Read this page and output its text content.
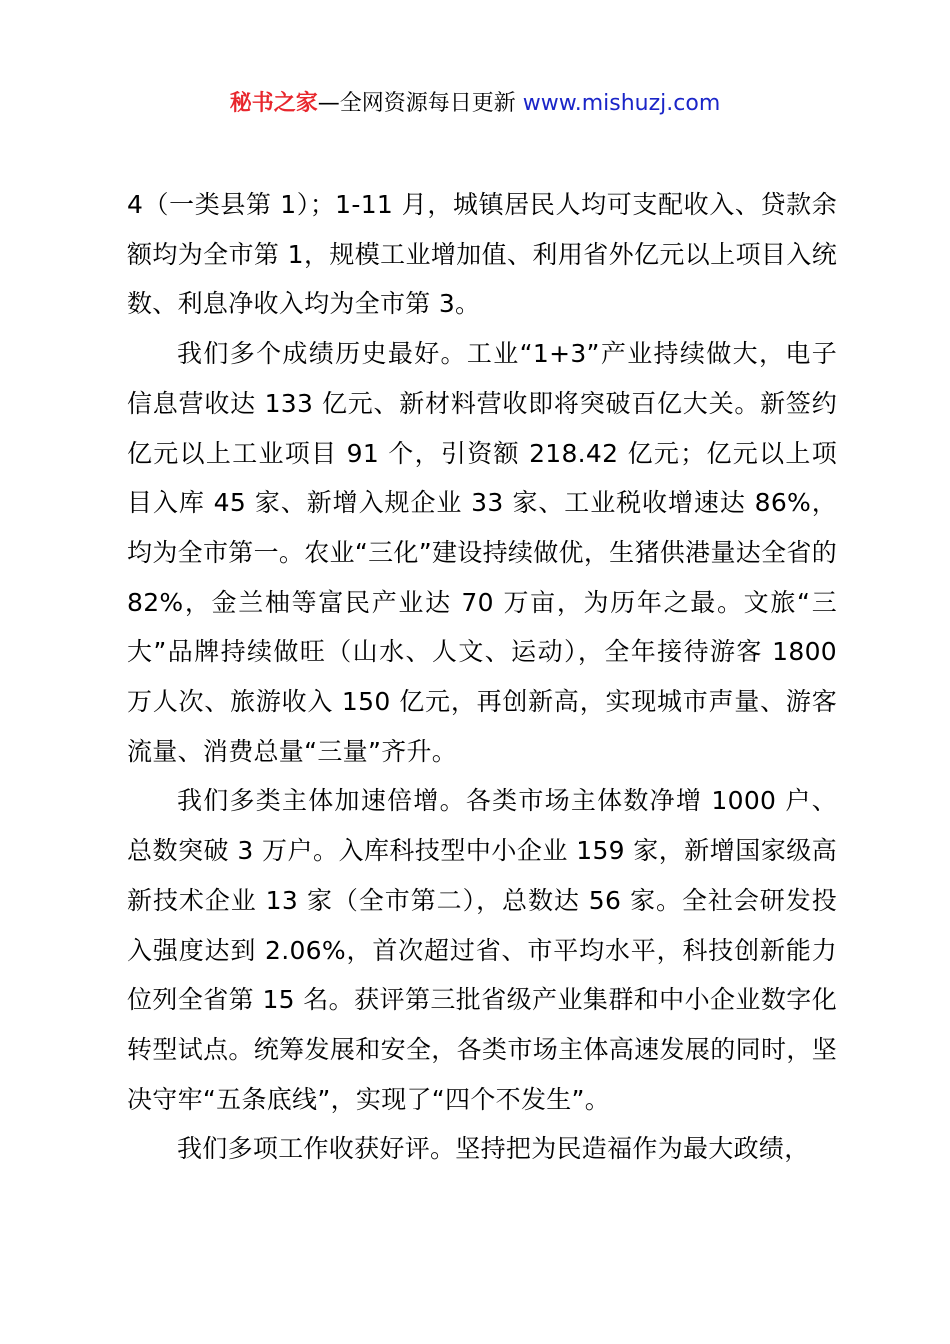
秘书之家—全网资源每日更新 www.mishuzj.com

4（一类县第 1）；1-11 月，城镇居民人均可支配收入、贷款余额均为全市第 1，规模工业增加值、利用省外亿元以上项目入统数、利息净收入均为全市第 3。

我们多个成绩历史最好。工业“1+3”产业持续做大，电子信息营收达 133 亿元、新材料营收即将突破百亿大关。新签约亿元以上工业项目 91 个，引资额 218.42 亿元；亿元以上项目入库 45 家、新增入规企业 33 家、工业税收增速达 86%，均为全市第一。农业“三化”建设持续做优，生猪供港量达全省的 82%，金兰柚等富民产业达 70 万亩，为历年之最。文旅“三大”品牌持续做旺（山水、人文、运动），全年接待游客 1800 万人次、旅游收入 150 亿元，再创新高，实现城市声量、游客流量、消费总量“三量”齐升。

我们多类主体加速倍增。各类市场主体数净增 1000 户、总数突破 3 万户。入库科技型中小企业 159 家，新增国家级高新技术企业 13 家（全市第二），总数达 56 家。全社会研发投入强度达到 2.06%，首次超过省、市平均水平，科技创新能力位列全省第 15 名。获评第三批省级产业集群和中小企业数字化转型试点。统筹发展和安全，各类市场主体高速发展的同时，坚决守牢“五条底线”，实现了“四个不发生”。

我们多项工作收获好评。坚持把为民造福作为最大政绩，
